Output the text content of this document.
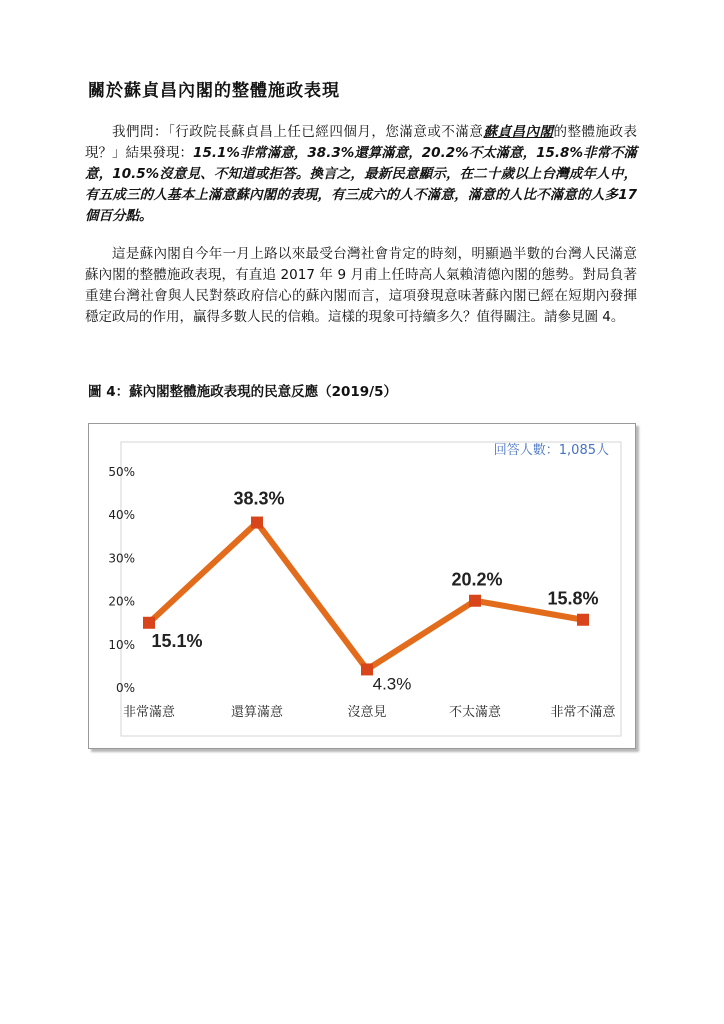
關於蘇貞昌內閣的整體施政表現

我們問：「行政院長蘇貞昌上任已經四個月，您滿意或不滿意蘇貞昌內閣的整體施政表現？」結果發現：15.1%非常滿意，38.3%還算滿意，20.2%不太滿意，15.8%非常不滿意，10.5%沒意見、不知道或拒答。換言之，最新民意顯示，在二十歲以上台灣成年人中，有五成三的人基本上滿意蘇內閣的表現，有三成六的人不滿意，滿意的人比不滿意的人多17 個百分點。

這是蘇內閣自今年一月上路以來最受台灣社會肯定的時刻，明顯過半數的台灣人民滿意蘇內閣的整體施政表現，有直追 2017 年 9 月甫上任時高人氣賴清德內閣的態勢。對局負著重建台灣社會與人民對蔡政府信心的蘇內閣而言，這項發現意味著蘇內閣已經在短期內發揮穩定政局的作用，贏得多數人民的信賴。這樣的現象可持續多久？值得關注。請參見圖 4。

圖 4：蘇內閣整體施政表現的民意反應（2019/5）

回答人數：1,085人
0%
10%
20%
30%
40%
50%
非常滿意	還算滿意	沒意見	不太滿意	非常不滿意
15.1%
38.3%
4.3%
20.2%
15.8%
